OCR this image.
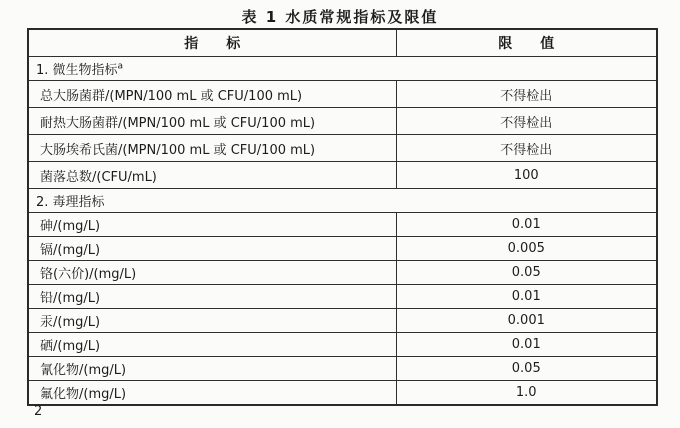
表 1 水质常规指标及限值
指　　标	限　　值
1. 微生物指标$^a$
总大肠菌群/(MPN/100 mL 或 CFU/100 mL)	不得检出
耐热大肠菌群/(MPN/100 mL 或 CFU/100 mL)	不得检出
大肠埃希氏菌/(MPN/100 mL 或 CFU/100 mL)	不得检出
菌落总数/(CFU/mL)	100
2. 毒理指标	
砷/(mg/L)	0.01
镉/(mg/L)	0.005
铬(六价)/(mg/L)	0.05
铅/(mg/L)	0.01
汞/(mg/L)	0.001
硒/(mg/L)	0.01
氰化物/(mg/L)	0.05
氟化物/(mg/L)	1.0
2
